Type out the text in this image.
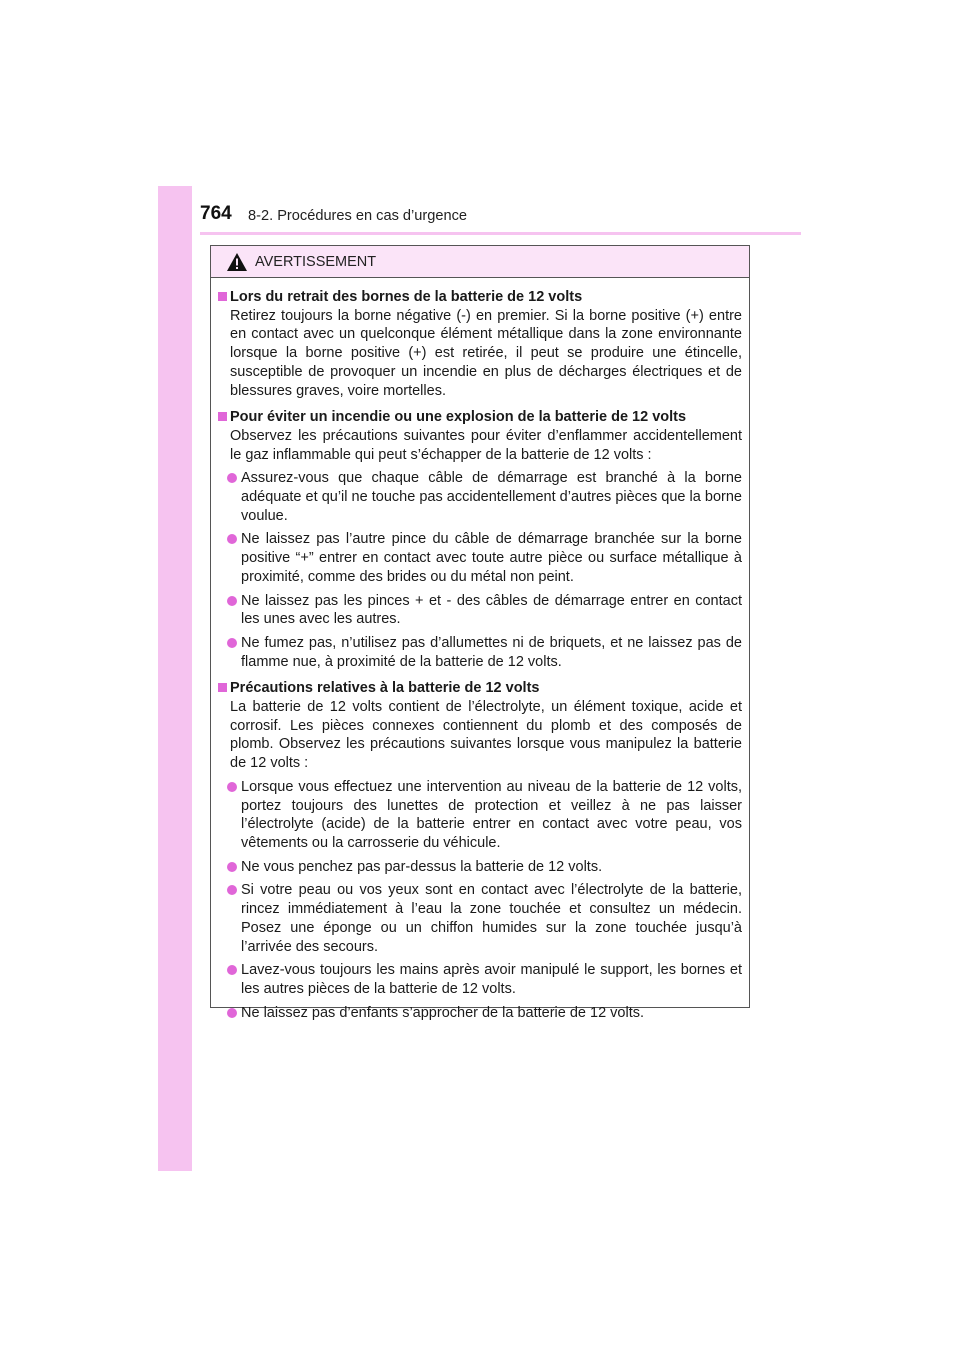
764 8-2. Procédures en cas d’urgence
AVERTISSEMENT
Lors du retrait des bornes de la batterie de 12 volts
Retirez toujours la borne négative (-) en premier. Si la borne positive (+) entre en contact avec un quelconque élément métallique dans la zone environnante lorsque la borne positive (+) est retirée, il peut se produire une étincelle, susceptible de provoquer un incendie en plus de décharges électriques et de blessures graves, voire mortelles.
Pour éviter un incendie ou une explosion de la batterie de 12 volts
Observez les précautions suivantes pour éviter d’enflammer accidentellement le gaz inflammable qui peut s’échapper de la batterie de 12 volts :
Assurez-vous que chaque câble de démarrage est branché à la borne adéquate et qu’il ne touche pas accidentellement d’autres pièces que la borne voulue.
Ne laissez pas l’autre pince du câble de démarrage branchée sur la borne positive “+” entrer en contact avec toute autre pièce ou surface métallique à proximité, comme des brides ou du métal non peint.
Ne laissez pas les pinces + et - des câbles de démarrage entrer en contact les unes avec les autres.
Ne fumez pas, n’utilisez pas d’allumettes ni de briquets, et ne laissez pas de flamme nue, à proximité de la batterie de 12 volts.
Précautions relatives à la batterie de 12 volts
La batterie de 12 volts contient de l’électrolyte, un élément toxique, acide et corrosif. Les pièces connexes contiennent du plomb et des composés de plomb. Observez les précautions suivantes lorsque vous manipulez la batterie de 12 volts :
Lorsque vous effectuez une intervention au niveau de la batterie de 12 volts, portez toujours des lunettes de protection et veillez à ne pas laisser l’électrolyte (acide) de la batterie entrer en contact avec votre peau, vos vêtements ou la carrosserie du véhicule.
Ne vous penchez pas par-dessus la batterie de 12 volts.
Si votre peau ou vos yeux sont en contact avec l’électrolyte de la batterie, rincez immédiatement à l’eau la zone touchée et consultez un médecin. Posez une éponge ou un chiffon humides sur la zone touchée jusqu’à l’arrivée des secours.
Lavez-vous toujours les mains après avoir manipulé le support, les bornes et les autres pièces de la batterie de 12 volts.
Ne laissez pas d’enfants s’approcher de la batterie de 12 volts.
